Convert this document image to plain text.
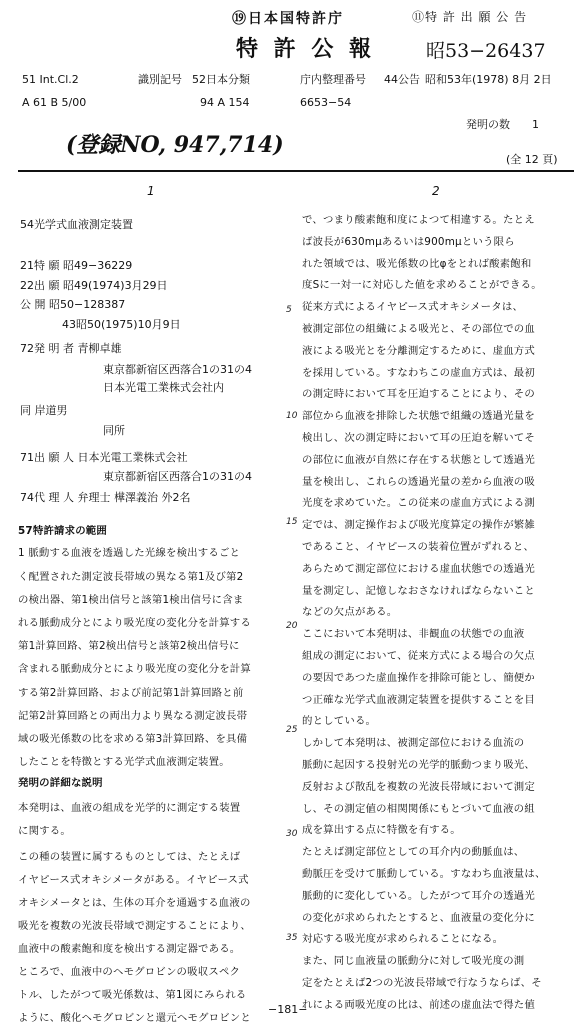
⑲日本国特許庁	⑪特 許 出 願 公 告
特 許 公 報	昭53−26437
51 Int.Cl.2
A 61 B 5/00
識別記号 52日本分類
94 A 154
庁内整理番号
6653−54
44公告 昭和53年(1978) 8月 2日
(登録NO, 947,714)
発明の数 1
(全 12 頁)
1	2
54光学式血液測定装置
21特 願 昭49−36229
22出 願 昭49(1974)3月29日
公 開 昭50−128387
43昭50(1975)10月9日
72発 明 者 青柳卓雄
東京都新宿区西落合1の31の4
日本光電工業株式会社内
同 岸道男
同所
71出 願 人 日本光電工業株式会社
東京都新宿区西落合1の31の4
74代 理 人 弁理士 樺澤義治 外2名
57特許請求の範囲
1 脈動する血液を透過した光線を検出するごと
く配置された測定波長帯域の異なる第1及び第2
の検出器、第1検出信号と該第1検出信号に含ま
れる脈動成分とにより吸光度の変化分を計算する
第1計算回路、第2検出信号と該第2検出信号に
含まれる脈動成分とにより吸光度の変化分を計算
する第2計算回路、および前記第1計算回路と前
記第2計算回路との両出力より異なる測定波長帯
域の吸光係数の比を求める第3計算回路、を具備
したことを特徴とする光学式血液測定装置。
発明の詳細な説明
本発明は、血液の組成を光学的に測定する装置
に関する。
この種の装置に属するものとしては、たとえば
イヤピース式オキシメータがある。イヤピース式
オキシメータとは、生体の耳介を通過する血液の
吸光を複数の光波長帯域で測定することにより、
血液中の酸素飽和度を検出する測定器である。
ところで、血液中のヘモグロビンの吸収スペク
トル、したがつて吸光係数は、第1図にみられる
ように、酸化ヘモグロビンと還元ヘモグロビンと
で、つまり酸素飽和度によつて相違する。たとえ
ば波長が630mμあるいは900mμという限ら
れた領域では、吸光係数の比φをとれば酸素飽和
度Sに一対一に対応した値を求めることができる。
従来方式によるイヤピース式オキシメータは、
被測定部位の組織による吸光と、その部位での血
液による吸光とを分離測定するために、虚血方式
を採用している。すなわちこの虚血方式は、最初
の測定時において耳を圧迫することにより、その
部位から血液を排除した状態で組織の透過光量を
検出し、次の測定時において耳の圧迫を解いてそ
の部位に血液が自然に存在する状態として透過光
量を検出し、これらの透過光量の差から血液の吸
光度を求めていた。この従来の虚血方式による測
定では、測定操作および吸光度算定の操作が繁雑
であること、イヤピースの装着位置がずれると、
あらためて測定部位における虚血状態での透過光
量を測定し、記憶しなおさなければならないこと
などの欠点がある。
ここにおいて本発明は、非観血の状態での血液
組成の測定において、従来方式による場合の欠点
の要因であつた虚血操作を排除可能とし、簡便か
つ正確な光学式血液測定装置を提供することを目
的としている。
しかして本発明は、被測定部位における血流の
脈動に起因する投射光の光学的脈動つまり吸光、
反射および散乱を複数の光波長帯域において測定
し、その測定値の相関関係にもとづいて血液の組
成を算出する点に特徴を有する。
たとえば測定部位としての耳介内の動脈血は、
動脈圧を受けて脈動している。すなわち血液量は、
脈動的に変化している。したがつて耳介の透過光
の変化が求められたとすると、血液量の変化分に
対応する吸光度が求められることになる。
また、同じ血液量の脈動分に対して吸光度の測
定をたとえば2つの光波長帯域で行なうならば、そ
れによる両吸光度の比は、前述の虚血法で得た値
5
10
15
20
25
30
35
−181−
